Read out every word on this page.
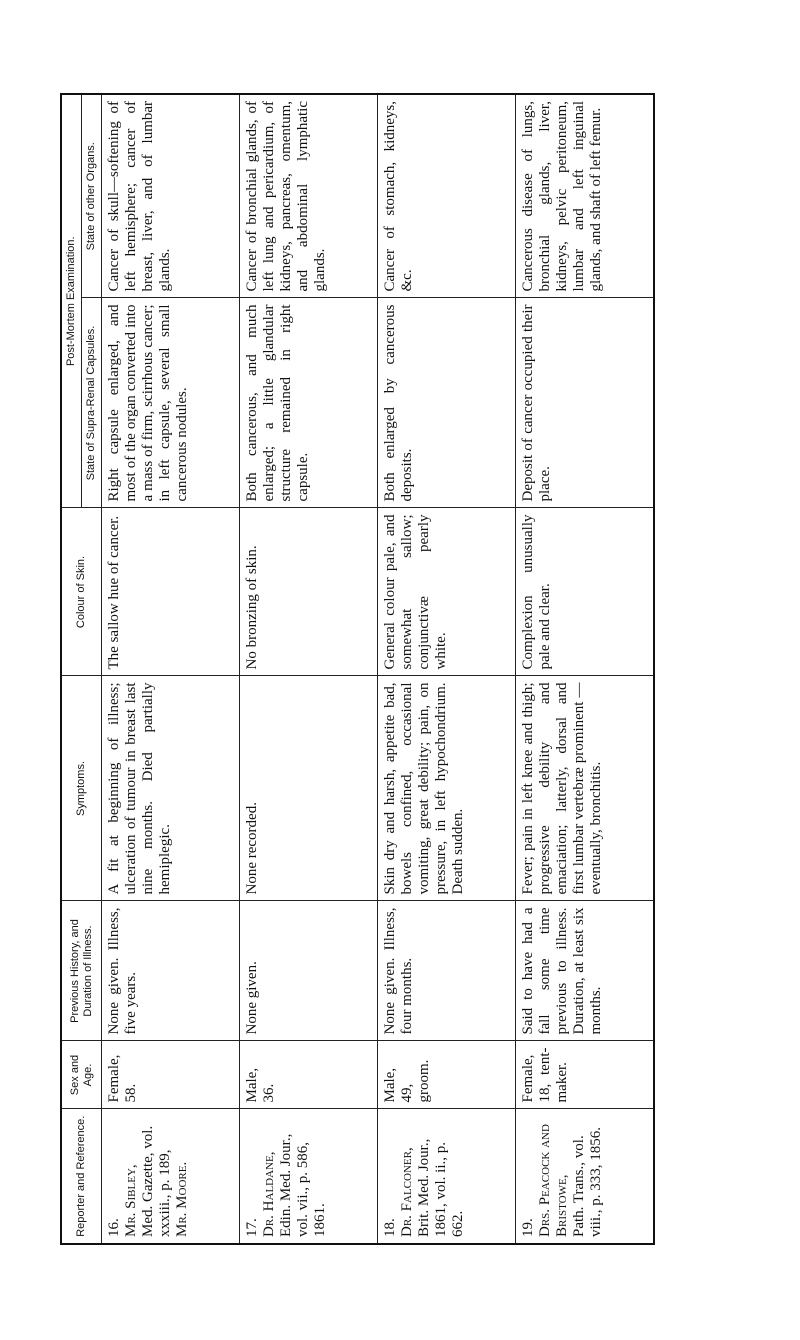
Reporter and Reference.	Sex and Age.	Previous History, and Duration of Illness.	Symptoms.	Colour of Skin.	Post-Mortem Examination.	
					State of Supra-Renal Capsules.	State of other Organs.

16. Mr. Sibley, Med. Gazette, vol. xxxiii., p. 189, Mr. Moore.	Female, 58.	None given. Illness, five years.	A fit at beginning of illness; ulceration of tumour in breast last nine months. Died partially hemiplegic.	The sallow hue of cancer.	Right capsule enlarged, and most of the organ converted into a mass of firm, scirrhous cancer; in left capsule, several small cancerous nodules.	Cancer of skull—softening of left hemisphere; cancer of breast, liver, and of lumbar glands.

17. Dr. Haldane, Edin. Med. Jour., vol. vii., p. 586, 1861.	Male, 36.	None given.	None recorded.	No bronzing of skin.	Both cancerous, and much enlarged; a little glandular structure remained in right capsule.	Cancer of bronchial glands, of left lung and pericardium, of kidneys, pancreas, omentum, and abdominal lymphatic glands.

18. Dr. Falconer, Brit. Med. Jour., 1861, vol. ii., p. 662.	Male, 49, groom.	None given. Illness, four months.	Skin dry and harsh, appetite bad, bowels confined, occasional vomiting, great debility; pain, on pressure, in left hypochondrium. Death sudden.	General colour pale, and somewhat sallow; conjunctivæ pearly white.	Both enlarged by cancerous deposits.	Cancer of stomach, kidneys, &c.

19. Drs. Peacock and Bristowe, Path. Trans., vol. viii., p. 333, 1856.	Female, 18, tent-maker.	Said to have had a fall some time previous to illness. Duration, at least six months.	Fever; pain in left knee and thigh; progressive debility and emaciation; latterly, dorsal and first lumbar vertebræ prominent — eventually, bronchitis.	Complexion unusually pale and clear.	Deposit of cancer occupied their place.	Cancerous disease of lungs, bronchial glands, liver, kidneys, pelvic peritoneum, lumbar and left inguinal glands, and shaft of left femur.
